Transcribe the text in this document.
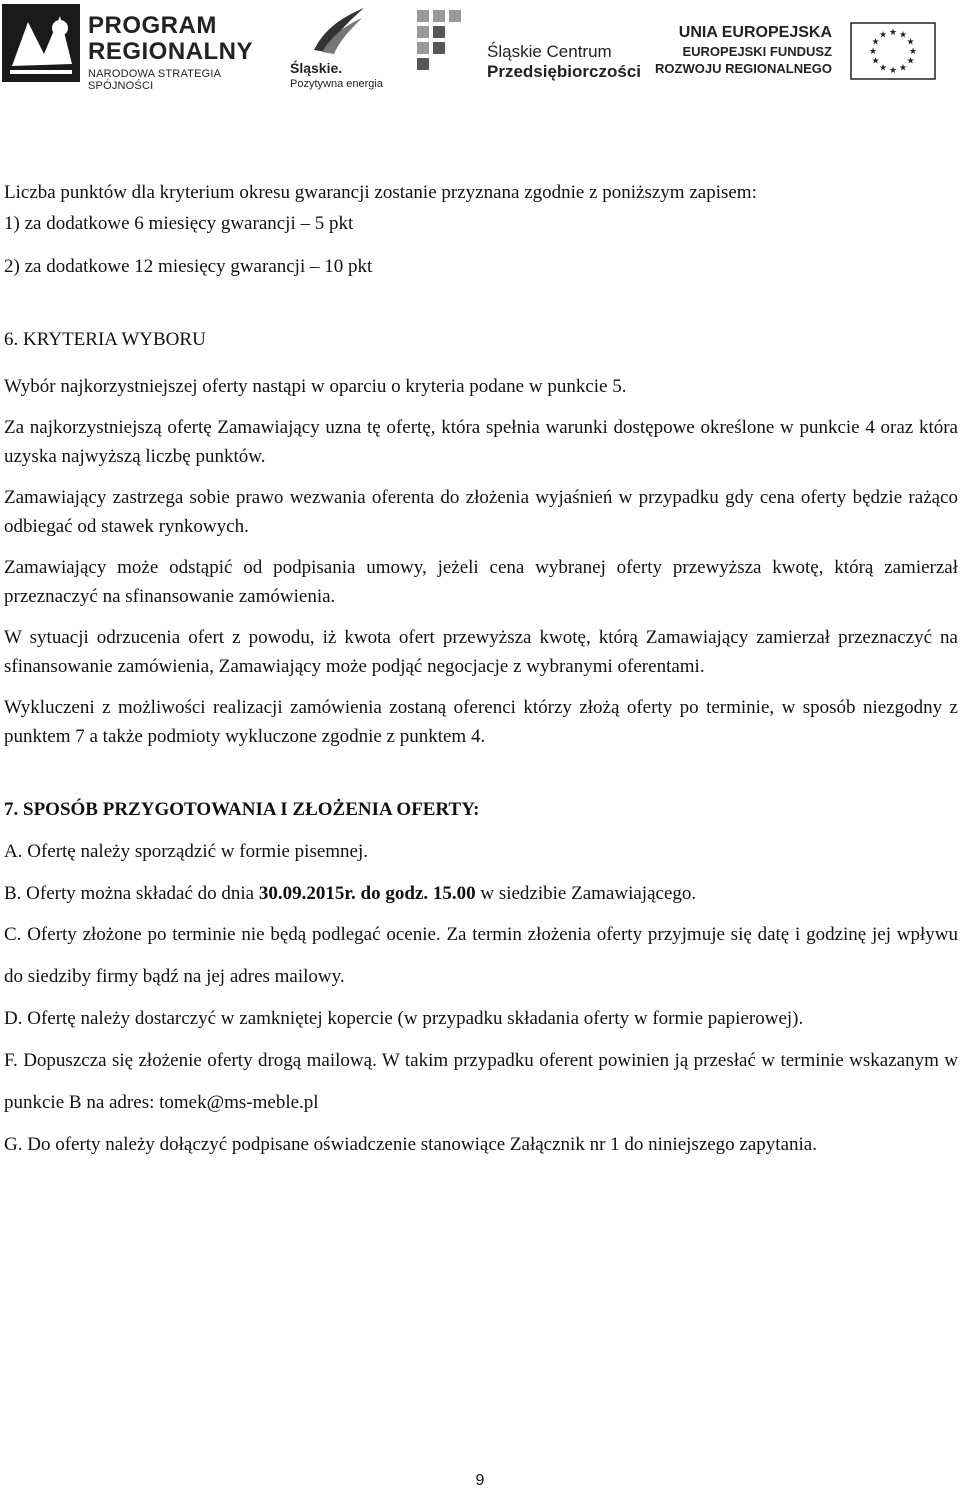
PROGRAM
REGIONALNY
NARODOWA STRATEGIA SPÓJNOŚCI
Śląskie.
Pozytywna energia
Śląskie Centrum
Przedsiębiorczości
UNIA EUROPEJSKA
EUROPEJSKI FUNDUSZ
ROZWOJU REGIONALNEGO
★ ★
★
★
★
★
★
★
★
★
★
★

Liczba punktów dla kryterium okresu gwarancji zostanie przyznana zgodnie z poniższym zapisem:

1) za dodatkowe 6 miesięcy gwarancji – 5 pkt

2) za dodatkowe 12 miesięcy gwarancji – 10 pkt

6. KRYTERIA WYBORU

Wybór najkorzystniejszej oferty nastąpi w oparciu o kryteria podane w punkcie 5.

Za najkorzystniejszą ofertę Zamawiający uzna tę ofertę, która spełnia warunki dostępowe określone w punkcie 4 oraz która uzyska najwyższą liczbę punktów.

Zamawiający zastrzega sobie prawo wezwania oferenta do złożenia wyjaśnień w przypadku gdy cena oferty będzie rażąco odbiegać od stawek rynkowych.

Zamawiający może odstąpić od podpisania umowy, jeżeli cena wybranej oferty przewyższa kwotę, którą zamierzał przeznaczyć na sfinansowanie zamówienia.

W sytuacji odrzucenia ofert z powodu, iż kwota ofert przewyższa kwotę, którą Zamawiający zamierzał przeznaczyć na sfinansowanie zamówienia, Zamawiający może podjąć negocjacje z wybranymi oferentami.

Wykluczeni z możliwości realizacji zamówienia zostaną oferenci którzy złożą oferty po terminie, w sposób niezgodny z punktem 7 a także podmioty wykluczone zgodnie z punktem 4.

7. SPOSÓB PRZYGOTOWANIA I ZŁOŻENIA OFERTY:

A. Ofertę należy sporządzić w formie pisemnej.

B. Oferty można składać do dnia 30.09.2015r. do godz. 15.00 w siedzibie Zamawiającego.

C. Oferty złożone po terminie nie będą podlegać ocenie. Za termin złożenia oferty przyjmuje się datę i godzinę jej wpływu do siedziby firmy bądź na jej adres mailowy.

D. Ofertę należy dostarczyć w zamkniętej kopercie (w przypadku składania oferty w formie papierowej).

F. Dopuszcza się złożenie oferty drogą mailową. W takim przypadku oferent powinien ją przesłać w terminie wskazanym w punkcie B na adres: tomek@ms-meble.pl

G. Do oferty należy dołączyć podpisane oświadczenie stanowiące Załącznik nr 1 do niniejszego zapytania.

9
